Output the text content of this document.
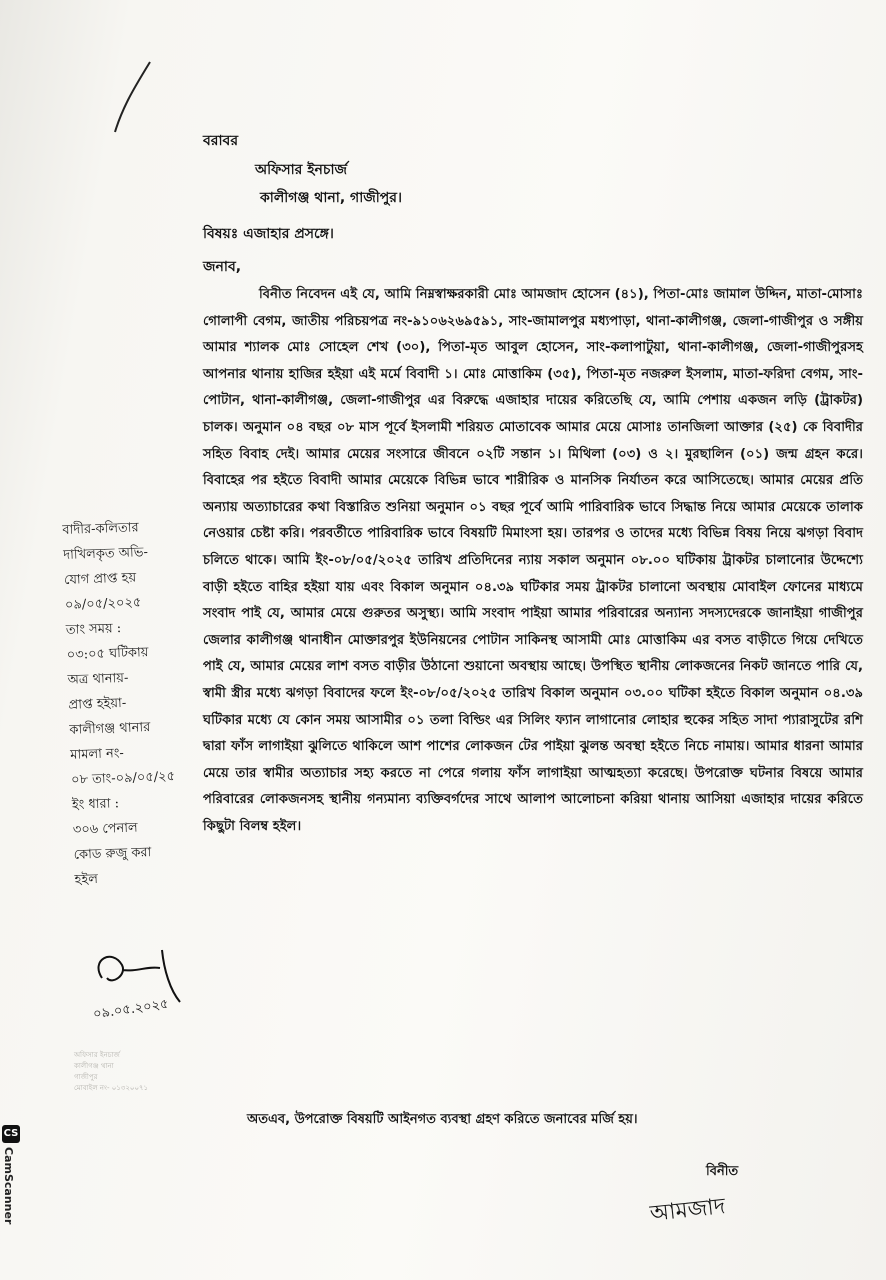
বরাবর
অফিসার ইনচার্জ
কালীগঞ্জ থানা, গাজীপুর।
বিষয়ঃ এজাহার প্রসঙ্গে।
জনাব,
বিনীত নিবেদন এই যে, আমি নিম্নস্বাক্ষরকারী মোঃ আমজাদ হোসেন (৪১), পিতা-মোঃ জামাল উদ্দিন, মাতা-মোসাঃ গোলাপী বেগম, জাতীয় পরিচয়পত্র নং-৯১০৬২৬৯৫৯১, সাং-জামালপুর মধ্যপাড়া, থানা-কালীগঞ্জ, জেলা-গাজীপুর ও সঙ্গীয় আমার শ্যালক মোঃ সোহেল শেখ (৩০), পিতা-মৃত আবুল হোসেন, সাং-কলাপাটুয়া, থানা-কালীগঞ্জ, জেলা-গাজীপুরসহ আপনার থানায় হাজির হইয়া এই মর্মে বিবাদী ১। মোঃ মোত্তাকিম (৩৫), পিতা-মৃত নজরুল ইসলাম, মাতা-ফরিদা বেগম, সাং-পোটান, থানা-কালীগঞ্জ, জেলা-গাজীপুর এর বিরুদ্ধে এজাহার দায়ের করিতেছি যে, আমি পেশায় একজন লড়ি (ট্রাকটর) চালক। অনুমান ০৪ বছর ০৮ মাস পূর্বে ইসলামী শরিয়ত মোতাবেক আমার মেয়ে মোসাঃ তানজিলা আক্তার (২৫) কে বিবাদীর সহিত বিবাহ দেই। আমার মেয়ের সংসারে জীবনে ০২টি সন্তান ১। মিথিলা (০৩) ও ২। মুরছালিন (০১) জন্ম গ্রহন করে। বিবাহের পর হইতে বিবাদী আমার মেয়েকে বিভিন্ন ভাবে শারীরিক ও মানসিক নির্যাতন করে আসিতেছে। আমার মেয়ের প্রতি অন্যায় অত্যাচারের কথা বিস্তারিত শুনিয়া অনুমান ০১ বছর পূর্বে আমি পারিবারিক ভাবে সিদ্ধান্ত নিয়ে আমার মেয়েকে তালাক নেওয়ার চেষ্টা করি। পরবর্তীতে পারিবারিক ভাবে বিষয়টি মিমাংসা হয়। তারপর ও তাদের মধ্যে বিভিন্ন বিষয় নিয়ে ঝগড়া বিবাদ চলিতে থাকে। আমি ইং-০৮/০৫/২০২৫ তারিখ প্রতিদিনের ন্যায় সকাল অনুমান ০৮.০০ ঘটিকায় ট্রাকটর চালানোর উদ্দেশ্যে বাড়ী হইতে বাহির হইয়া যায় এবং বিকাল অনুমান ০৪.৩৯ ঘটিকার সময় ট্রাকটর চালানো অবস্থায় মোবাইল ফোনের মাধ্যমে সংবাদ পাই যে, আমার মেয়ে গুরুতর অসুস্থ্য। আমি সংবাদ পাইয়া আমার পরিবারের অন্যান্য সদস্যদেরকে জানাইয়া গাজীপুর জেলার কালীগঞ্জ থানাধীন মোক্তারপুর ইউনিয়নের পোটান সাকিনস্থ আসামী মোঃ মোত্তাকিম এর বসত বাড়ীতে গিয়ে দেখিতে পাই যে, আমার মেয়ের লাশ বসত বাড়ীর উঠানো শুয়ানো অবস্থায় আছে। উপস্থিত স্থানীয় লোকজনের নিকট জানতে পারি যে, স্বামী স্ত্রীর মধ্যে ঝগড়া বিবাদের ফলে ইং-০৮/০৫/২০২৫ তারিখ বিকাল অনুমান ০৩.০০ ঘটিকা হইতে বিকাল অনুমান ০৪.৩৯ ঘটিকার মধ্যে যে কোন সময় আসামীর ০১ তলা বিল্ডিং এর সিলিং ফ্যান লাগানোর লোহার হুকের সহিত সাদা প্যারাসুটের রশি দ্বারা ফাঁস লাগাইয়া ঝুলিতে থাকিলে আশ পাশের লোকজন টের পাইয়া ঝুলন্ত অবস্থা হইতে নিচে নামায়। আমার ধারনা আমার মেয়ে তার স্বামীর অত্যাচার সহ্য করতে না পেরে গলায় ফাঁস লাগাইয়া আত্মহত্যা করেছে। উপরোক্ত ঘটনার বিষয়ে আমার পরিবারের লোকজনসহ স্থানীয় গন্যমান্য ব্যক্তিবর্গদের সাথে আলাপ আলোচনা করিয়া থানায় আসিয়া এজাহার দায়ের করিতে কিছুটা বিলম্ব হইল।
বাদীর-কলিতার
দাখিলকৃত অভি-
যোগ প্রাপ্ত হয়
০৯/০৫/২০২৫
তাং সময় :
০৩:০৫ ঘটিকায়
অত্র থানায়-
প্রাপ্ত হইয়া-
কালীগঞ্জ থানার
মামলা নং-
০৮ তাং-০৯/০৫/২৫
ইং ধারা :
৩০৬ পেনাল
কোড রুজু করা
হইল
০৯.০৫.২০২৫
অফিসার ইনচার্জ
কালীগঞ্জ থানা
গাজীপুর
মোবাইল নং- ০১৩২০০৭১
অতএব, উপরোক্ত বিষয়টি আইনগত ব্যবস্থা গ্রহণ করিতে জনাবের মর্জি হয়।
বিনীত
আমজাদ
CS
CamScanner
